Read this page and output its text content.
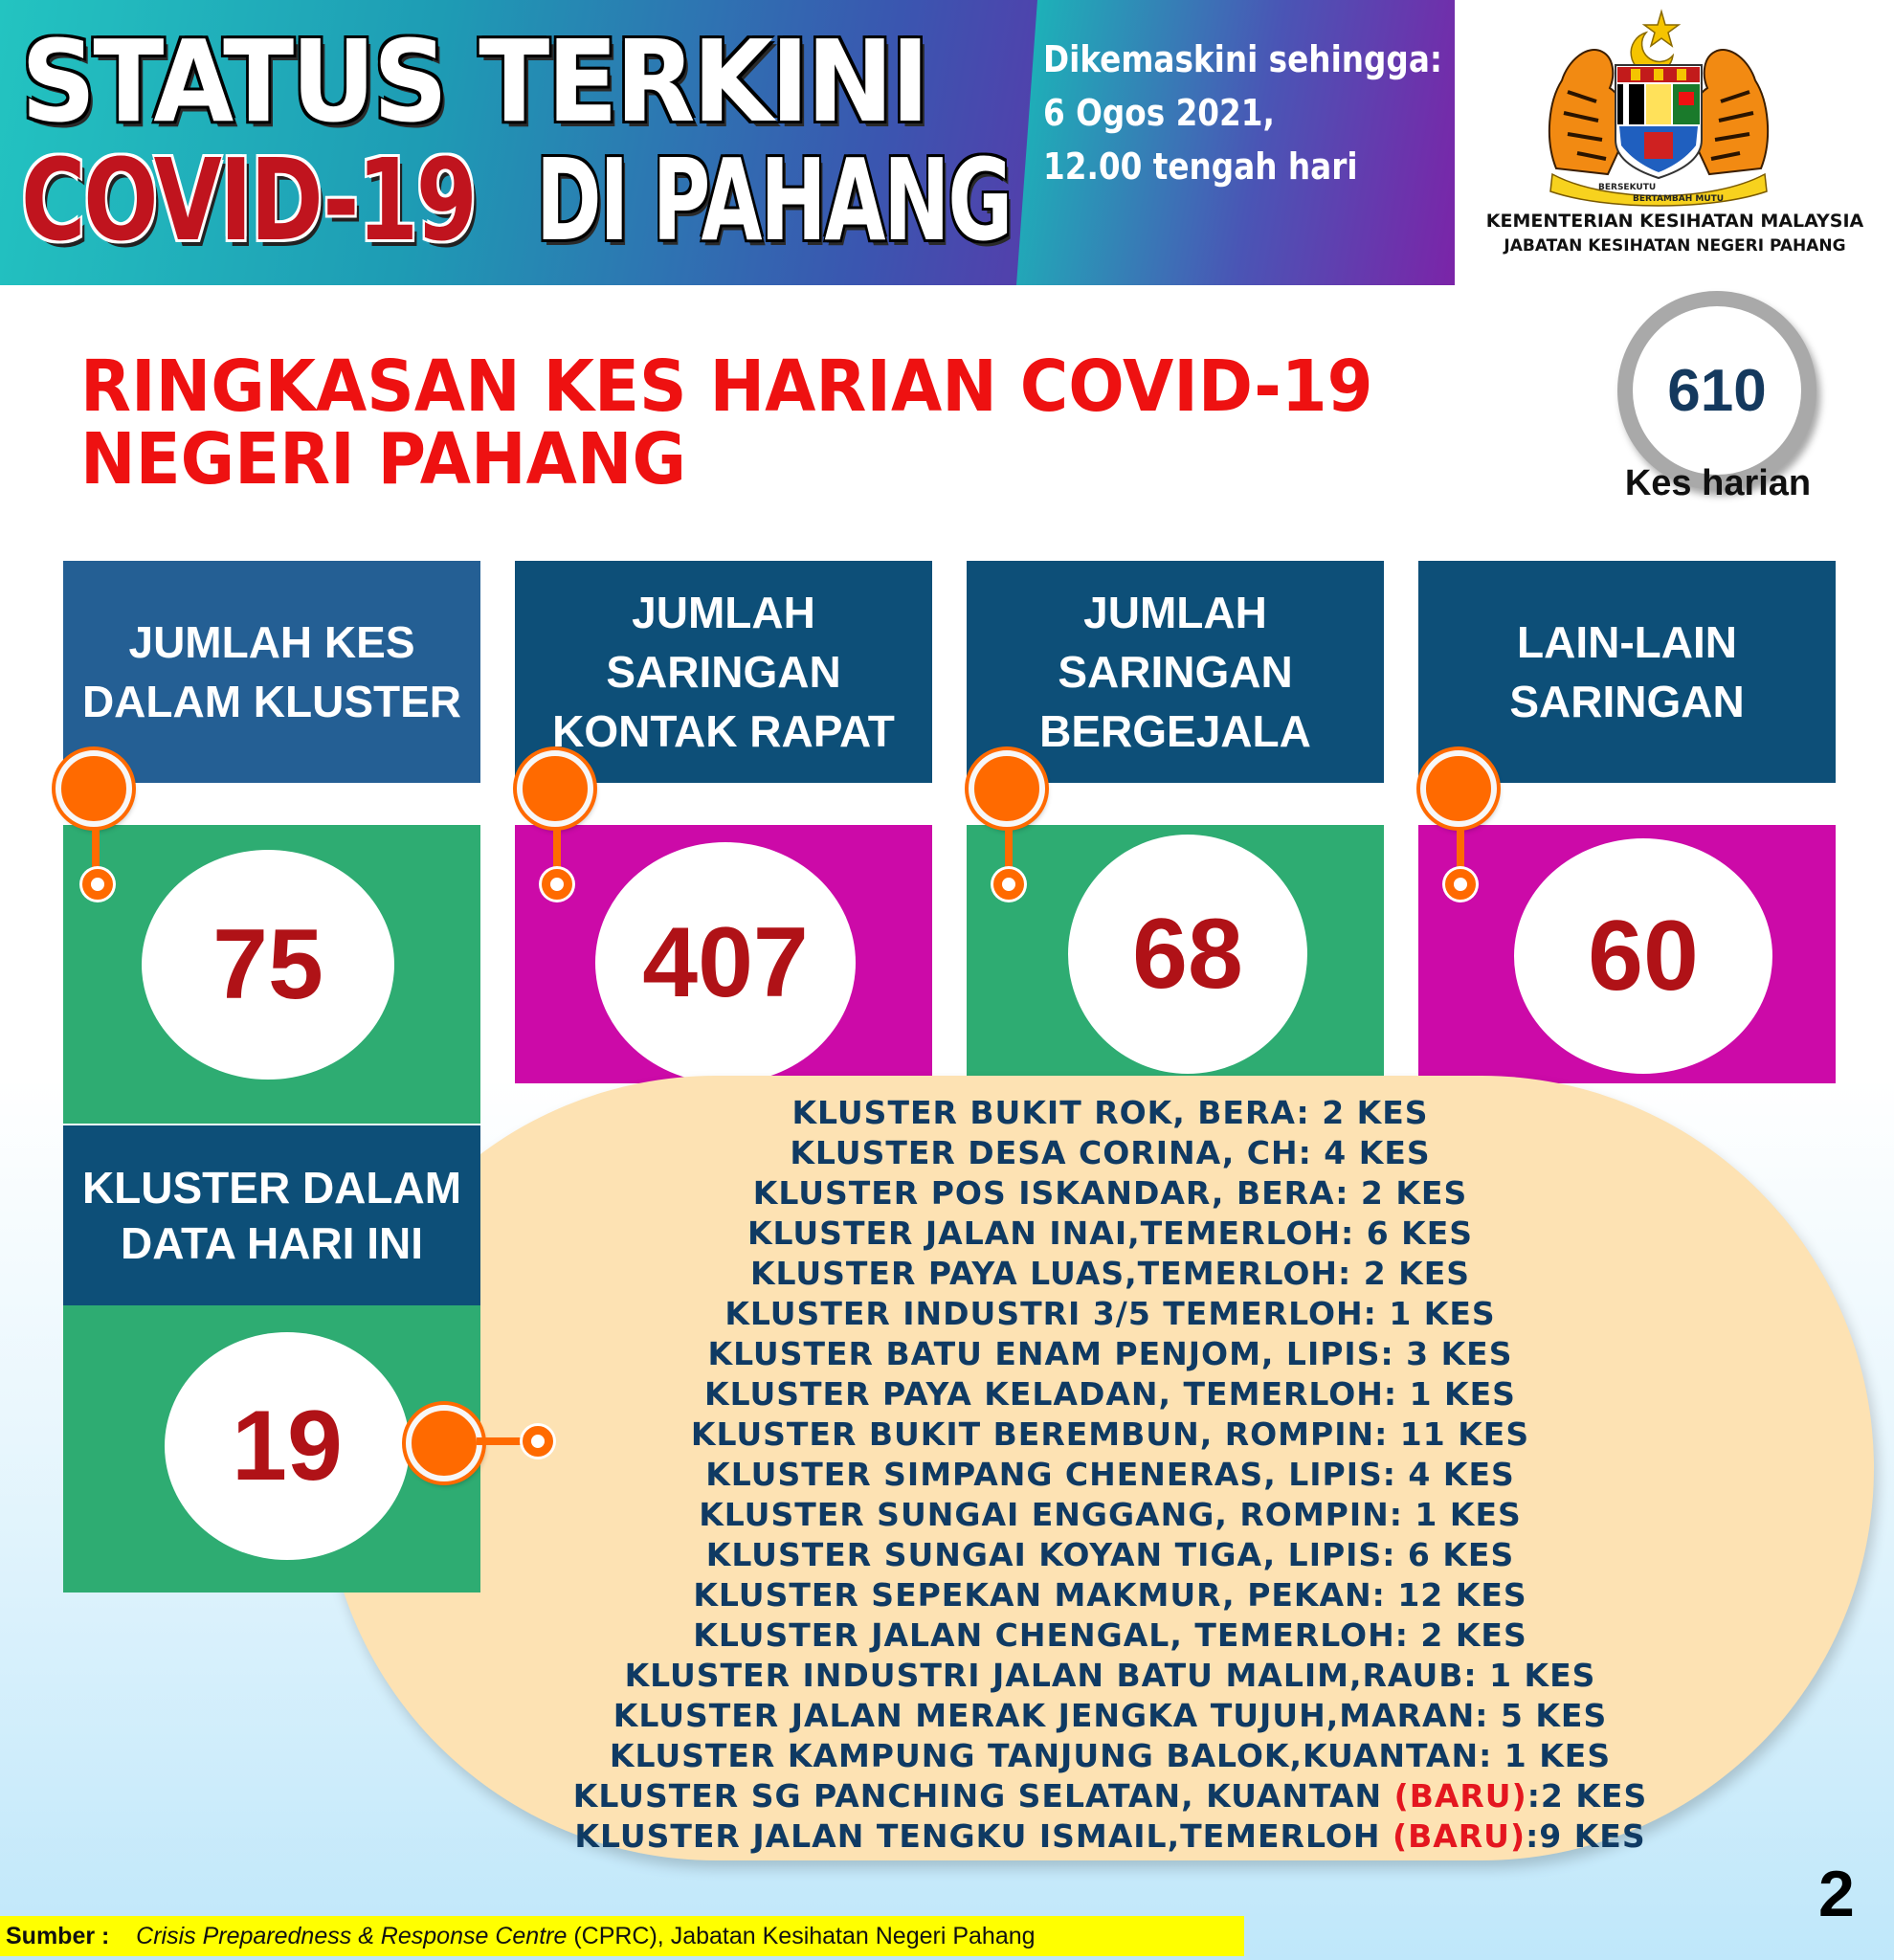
STATUS TERKINI
COVID-19 DI PAHANG
Dikemaskini sehingga:
6 Ogos 2021,
12.00 tengah hari	BERSEKUTU
BERTAMBAH MUTU
KEMENTERIAN KESIHATAN MALAYSIA
JABATAN KESIHATAN NEGERI PAHANG
RINGKASAN KES HARIAN COVID-19
NEGERI PAHANG
610
Kes harian
JUMLAH KES DALAM KLUSTER
75
JUMLAH SARINGAN KONTAK RAPAT
407
JUMLAH SARINGAN BERGEJALA
68
LAIN-LAIN SARINGAN
60
KLUSTER DALAM DATA HARI INI
19
KLUSTER BUKIT ROK, BERA: 2 KES
KLUSTER DESA CORINA, CH: 4 KES
KLUSTER POS ISKANDAR, BERA: 2 KES
KLUSTER JALAN INAI,TEMERLOH: 6 KES
KLUSTER PAYA LUAS,TEMERLOH: 2 KES
KLUSTER INDUSTRI 3/5 TEMERLOH: 1 KES
KLUSTER BATU ENAM PENJOM, LIPIS: 3 KES
KLUSTER PAYA KELADAN, TEMERLOH: 1 KES
KLUSTER BUKIT BEREMBUN, ROMPIN: 11 KES
KLUSTER SIMPANG CHENERAS, LIPIS: 4 KES
KLUSTER SUNGAI ENGGANG, ROMPIN: 1 KES
KLUSTER SUNGAI KOYAN TIGA, LIPIS: 6 KES
KLUSTER SEPEKAN MAKMUR, PEKAN: 12 KES
KLUSTER JALAN CHENGAL, TEMERLOH: 2 KES
KLUSTER INDUSTRI JALAN BATU MALIM,RAUB: 1 KES
KLUSTER JALAN MERAK JENGKA TUJUH,MARAN: 5 KES
KLUSTER KAMPUNG TANJUNG BALOK,KUANTAN: 1 KES
KLUSTER SG PANCHING SELATAN, KUANTAN (BARU):2 KES
KLUSTER JALAN TENGKU ISMAIL,TEMERLOH (BARU):9 KES
Sumber : Crisis Preparedness & Response Centre (CPRC), Jabatan Kesihatan Negeri Pahang
2
